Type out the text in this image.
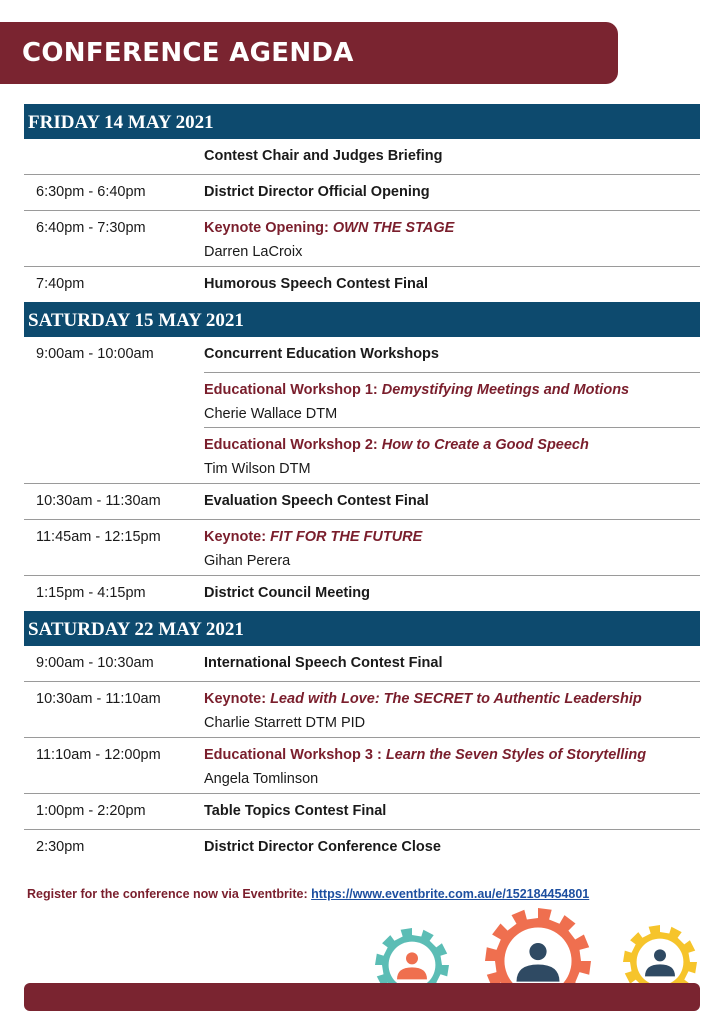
CONFERENCE AGENDA
FRIDAY 14 MAY 2021
Contest Chair and Judges Briefing
6:30pm - 6:40pm	District Director Official Opening
6:40pm - 7:30pm	Keynote Opening: OWN THE STAGE
Darren LaCroix
7:40pm	Humorous Speech Contest Final
SATURDAY 15 MAY 2021
9:00am - 10:00am	Concurrent Education Workshops
Educational Workshop 1: Demystifying Meetings and Motions
Cherie Wallace DTM
Educational Workshop 2: How to Create a Good Speech
Tim Wilson DTM
10:30am - 11:30am	Evaluation Speech Contest Final
11:45am - 12:15pm	Keynote: FIT FOR THE FUTURE
Gihan Perera
1:15pm - 4:15pm	District Council Meeting
SATURDAY 22 MAY 2021
9:00am - 10:30am	International Speech Contest Final
10:30am - 11:10am	Keynote: Lead with Love: The SECRET to Authentic Leadership
Charlie Starrett DTM PID
11:10am - 12:00pm	Educational Workshop 3 : Learn the Seven Styles of Storytelling
Angela Tomlinson
1:00pm - 2:20pm	Table Topics Contest Final
2:30pm	District Director Conference Close
Register for the conference now via Eventbrite: https://www.eventbrite.com.au/e/152184454801
